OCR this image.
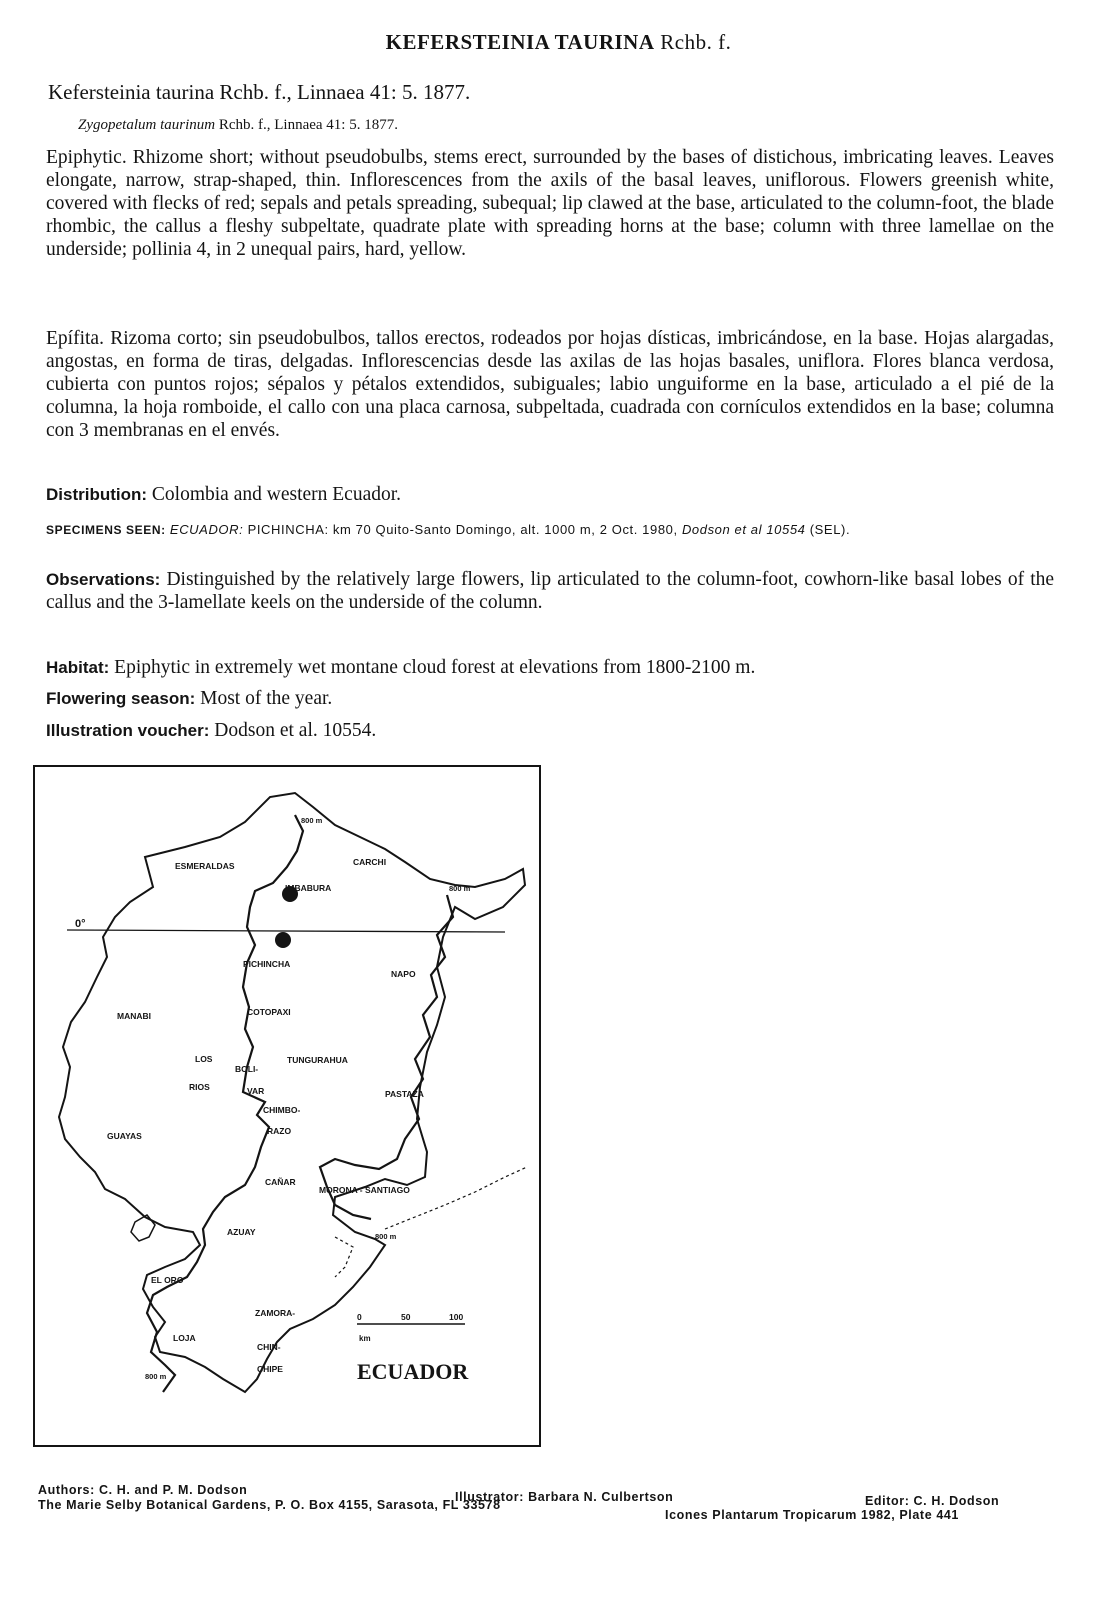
KEFERSTEINIA TAURINA Rchb. f.
Kefersteinia taurina Rchb. f., Linnaea 41: 5. 1877.
Zygopetalum taurinum Rchb. f., Linnaea 41: 5. 1877.
Epiphytic. Rhizome short; without pseudobulbs, stems erect, surrounded by the bases of distichous, imbricating leaves. Leaves elongate, narrow, strap-shaped, thin. Inflorescences from the axils of the basal leaves, uniflorous. Flowers greenish white, covered with flecks of red; sepals and petals spreading, subequal; lip clawed at the base, articulated to the column-foot, the blade rhombic, the callus a fleshy subpeltate, quadrate plate with spreading horns at the base; column with three lamellae on the underside; pollinia 4, in 2 unequal pairs, hard, yellow.
Epífita. Rizoma corto; sin pseudobulbos, tallos erectos, rodeados por hojas dísticas, imbricándose, en la base. Hojas alargadas, angostas, en forma de tiras, delgadas. Inflorescencias desde las axilas de las hojas basales, uniflora. Flores blanca verdosa, cubierta con puntos rojos; sépalos y pétalos extendidos, subiguales; labio unguiforme en la base, articulado a el pié de la columna, la hoja romboide, el callo con una placa carnosa, subpeltada, cuadrada con cornículos extendidos en la base; columna con 3 membranas en el envés.
Distribution: Colombia and western Ecuador.
SPECIMENS SEEN: ECUADOR: PICHINCHA: km 70 Quito-Santo Domingo, alt. 1000 m, 2 Oct. 1980, Dodson et al 10554 (SEL).
Observations: Distinguished by the relatively large flowers, lip articulated to the column-foot, cowhorn-like basal lobes of the callus and the 3-lamellate keels on the underside of the column.
Habitat: Epiphytic in extremely wet montane cloud forest at elevations from 1800-2100 m.
Flowering season: Most of the year.
Illustration voucher: Dodson et al. 10554.
ESMERALDAS	CARCHI
IMBABURA
PICHINCHA
NAPO
MANABI	COTOPAXI
LOS
RIOS
BOLI-
VAR
TUNGURAHUA
PASTAZA
CHIMBO-
RAZO
GUAYAS
CAÑAR
MORONA - SANTIAGO
AZUAY
EL ORO
ZAMORA-
CHIN-
CHIPE
LOJA
800 m
800 m
800 m
800 m
0°
0	50	100
km
ECUADOR
Authors: C. H. and P. M. Dodson	Illustrator: Barbara N. Culbertson	Editor: C. H. Dodson
The Marie Selby Botanical Gardens, P. O. Box 4155, Sarasota, FL 33578
Icones Plantarum Tropicarum 1982, Plate 441
